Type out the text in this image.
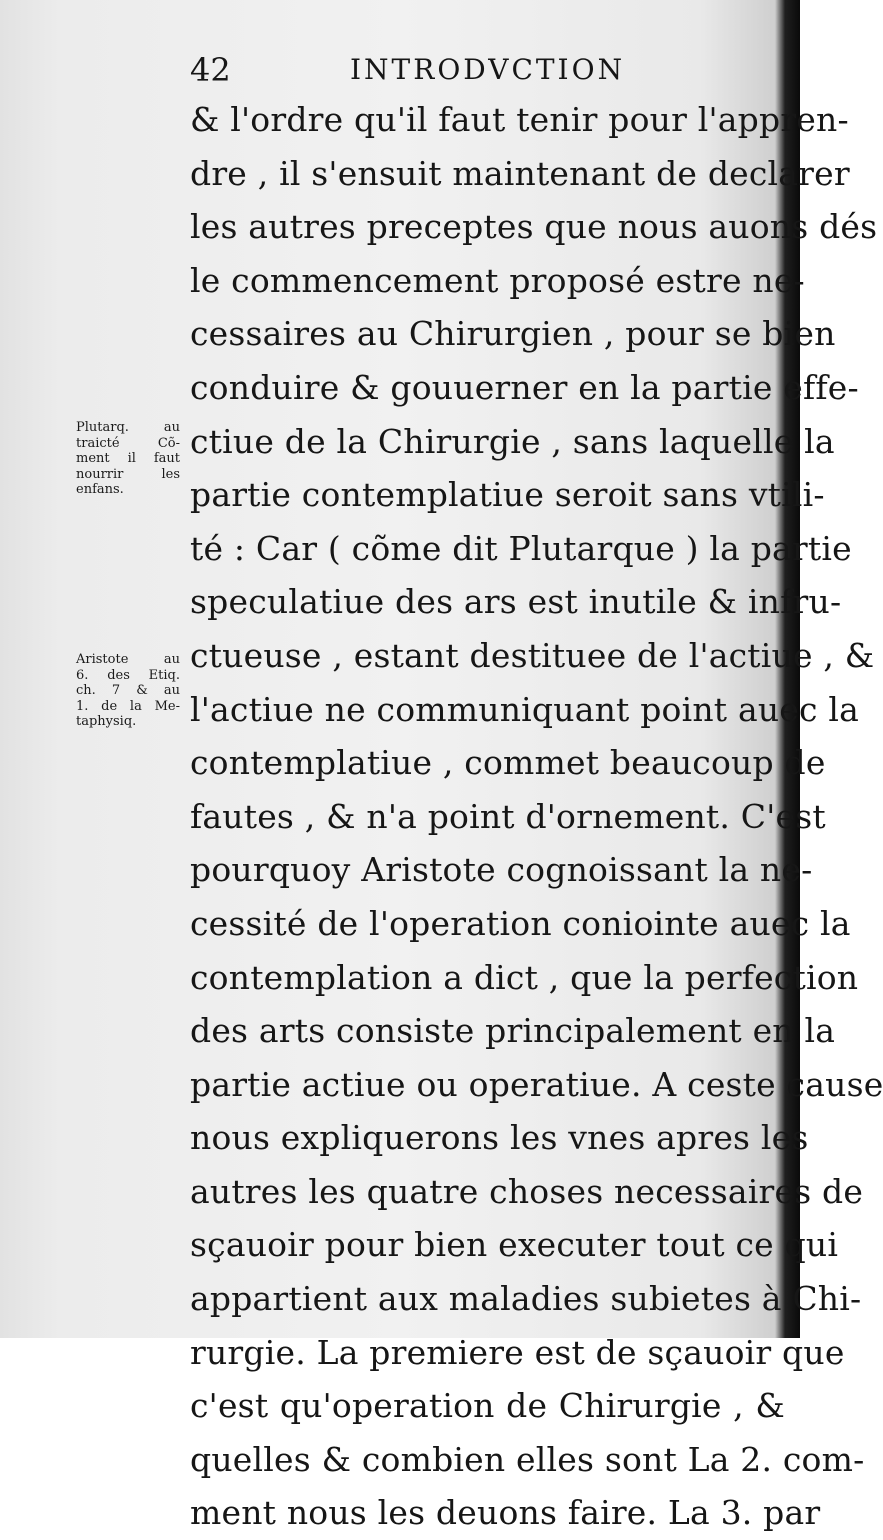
42	INTRODVCTION
& l'ordre qu'il faut tenir pour l'appren-
dre , il s'ensuit maintenant de declarer
les autres preceptes que nous auons dés
le commencement proposé estre ne-
cessaires au Chirurgien , pour se bien
conduire & gouuerner en la partie effe-
ctiue de la Chirurgie , sans laquelle la
partie contemplatiue seroit sans vtili-
té : Car ( cõme dit Plutarque ) la partie
speculatiue des ars est inutile & infru-
ctueuse , estant destituee de l'actiue , &
l'actiue ne communiquant point auec la
contemplatiue , commet beaucoup de
fautes , & n'a point d'ornement. C'est
pourquoy Aristote cognoissant la ne-
cessité de l'operation coniointe auec la
contemplation a dict , que la perfection
des arts consiste principalement en la
partie actiue ou operatiue. A ceste cause
nous expliquerons les vnes apres les
autres les quatre choses necessaires de
sçauoir pour bien executer tout ce qui
appartient aux maladies subietes à Chi-
rurgie. La premiere est de sçauoir que
c'est qu'operation de Chirurgie , &
quelles & combien elles sont La 2. com-
ment nous les deuons faire. La 3. par
Plutarq. au
traicté Cõ-
ment il faut
nourrir les
enfans.
Aristote au
6. des Etiq.
ch. 7 & au
1. de la Me-
taphysiq.
